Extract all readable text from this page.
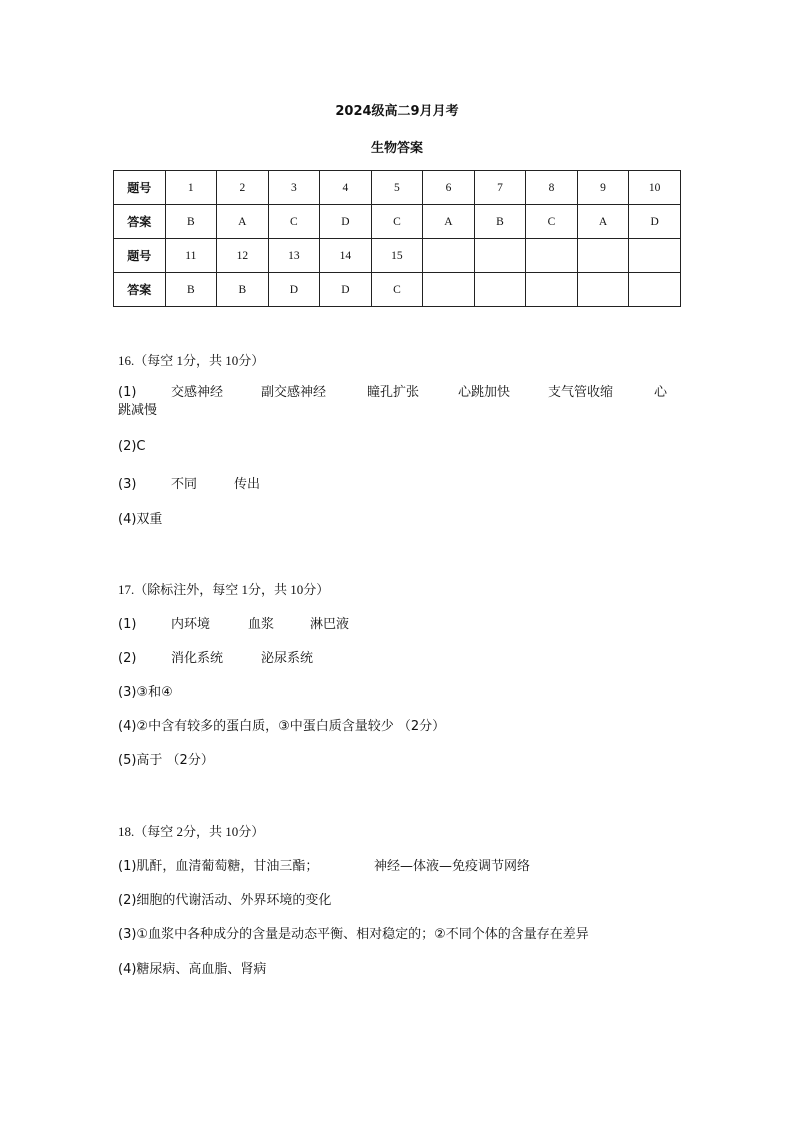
2024级高二9月月考
生物答案
题号	1	2	3	4	5	6	7	8	9	10
答案	B	A	C	D	C	A	B	C	A	D
题号	11	12	13	14	15					
答案	B	B	D	D	C					
16.（每空 1分，共 10分）
(1)	交感神经	副交感神经	瞳孔扩张	心跳加快	支气管收缩	心
跳减慢
(2)C
(3)	不同	传出
(4)双重
17.（除标注外，每空 1分，共 10分）
(1)	内环境	血浆	淋巴液
(2)	消化系统	泌尿系统
(3)③和④
(4)②中含有较多的蛋白质，③中蛋白质含量较少 （2分）
(5)高于 （2分）
18.（每空 2分，共 10分）
(1)肌酐，血清葡萄糖，甘油三酯；	神经—体液—免疫调节网络
(2)细胞的代谢活动、外界环境的变化
(3)①血浆中各种成分的含量是动态平衡、相对稳定的；②不同个体的含量存在差异
(4)糖尿病、高血脂、肾病
